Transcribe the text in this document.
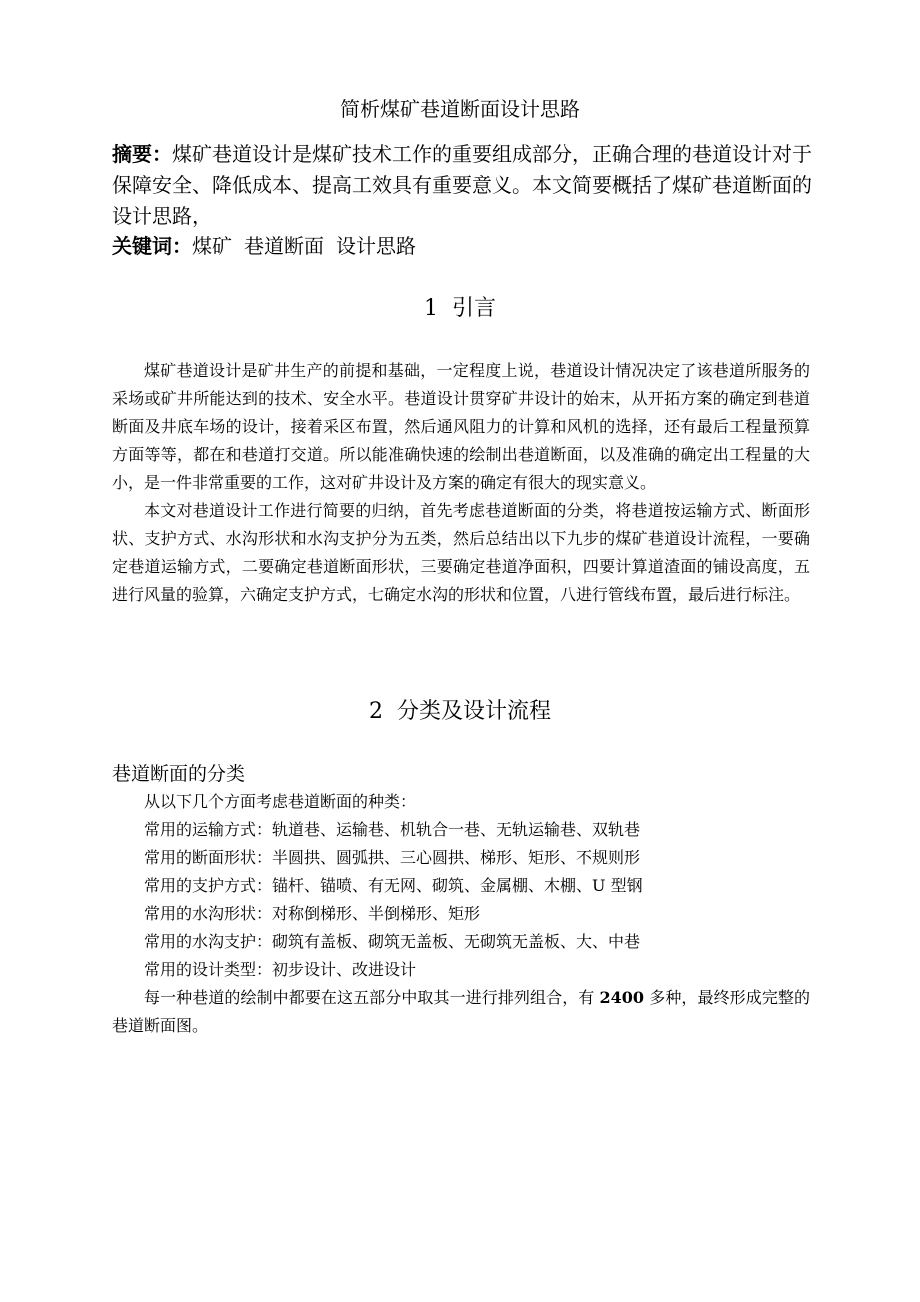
简析煤矿巷道断面设计思路
摘要：煤矿巷道设计是煤矿技术工作的重要组成部分，正确合理的巷道设计对于保障安全、降低成本、提高工效具有重要意义。本文简要概括了煤矿巷道断面的设计思路，
关键词：煤矿 巷道断面 设计思路
1 引言

煤矿巷道设计是矿井生产的前提和基础，一定程度上说，巷道设计情况决定了该巷道所服务的采场或矿井所能达到的技术、安全水平。巷道设计贯穿矿井设计的始末，从开拓方案的确定到巷道断面及井底车场的设计，接着采区布置，然后通风阻力的计算和风机的选择，还有最后工程量预算方面等等，都在和巷道打交道。所以能准确快速的绘制出巷道断面，以及准确的确定出工程量的大小，是一件非常重要的工作，这对矿井设计及方案的确定有很大的现实意义。

本文对巷道设计工作进行简要的归纳，首先考虑巷道断面的分类，将巷道按运输方式、断面形状、支护方式、水沟形状和水沟支护分为五类，然后总结出以下九步的煤矿巷道设计流程，一要确定巷道运输方式，二要确定巷道断面形状，三要确定巷道净面积，四要计算道渣面的铺设高度，五进行风量的验算，六确定支护方式，七确定水沟的形状和位置，八进行管线布置，最后进行标注。

2 分类及设计流程
巷道断面的分类

从以下几个方面考虑巷道断面的种类：

常用的运输方式：轨道巷、运输巷、机轨合一巷、无轨运输巷、双轨巷

常用的断面形状：半圆拱、圆弧拱、三心圆拱、梯形、矩形、不规则形

常用的支护方式：锚杆、锚喷、有无网、砌筑、金属棚、木棚、U 型钢

常用的水沟形状：对称倒梯形、半倒梯形、矩形

常用的水沟支护：砌筑有盖板、砌筑无盖板、无砌筑无盖板、大、中巷

常用的设计类型：初步设计、改进设计

每一种巷道的绘制中都要在这五部分中取其一进行排列组合，有 2400 多种，最终形成完整的巷道断面图。
